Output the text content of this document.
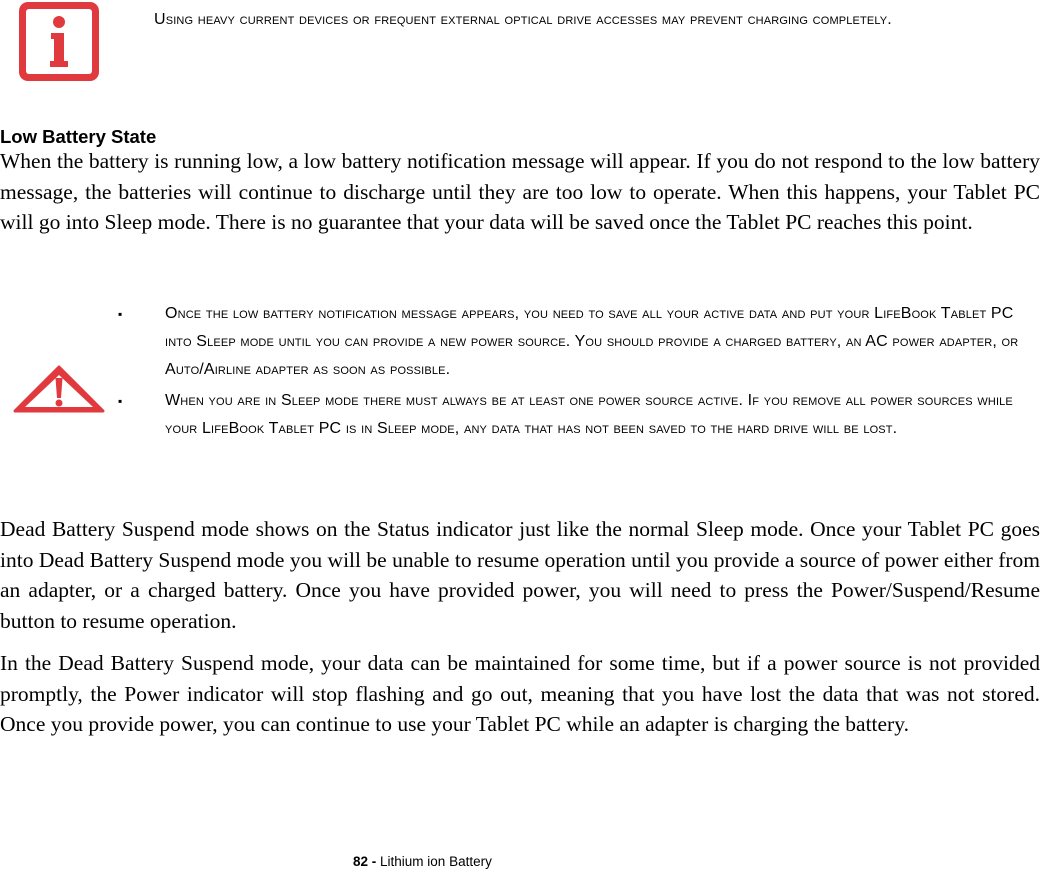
Using heavy current devices or frequent external optical drive accesses may prevent charging completely.
Low Battery State

When the battery is running low, a low battery notification message will appear. If you do not respond to the low battery message, the batteries will continue to discharge until they are too low to operate. When this happens, your Tablet PC will go into Sleep mode. There is no guarantee that your data will be saved once the Tablet PC reaches this point.

▪	Once the low battery notification message appears, you need to save all your active data and put your LifeBook Tablet PC into Sleep mode until you can provide a new power source. You should provide a charged battery, an AC power adapter, or Auto/Airline adapter as soon as possible.
▪	When you are in Sleep mode there must always be at least one power source active. If you remove all power sources while your LifeBook Tablet PC is in Sleep mode, any data that has not been saved to the hard drive will be lost.

Dead Battery Suspend mode shows on the Status indicator just like the normal Sleep mode. Once your Tablet PC goes into Dead Battery Suspend mode you will be unable to resume operation until you provide a source of power either from an adapter, or a charged battery. Once you have provided power, you will need to press the Power/Suspend/Resume button to resume operation.

In the Dead Battery Suspend mode, your data can be maintained for some time, but if a power source is not provided promptly, the Power indicator will stop flashing and go out, meaning that you have lost the data that was not stored. Once you provide power, you can continue to use your Tablet PC while an adapter is charging the battery.

82 - Lithium ion Battery
